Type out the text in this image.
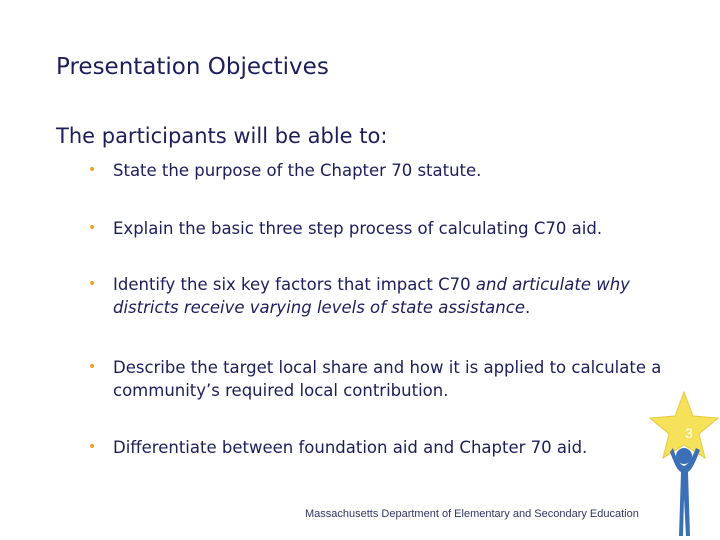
Presentation Objectives
The participants will be able to:
• State the purpose of the Chapter 70 statute.
• Explain the basic three step process of calculating C70 aid.
• Identify the six key factors that impact C70 and articulate why districts receive varying levels of state assistance.
• Describe the target local share and how it is applied to calculate a community’s required local contribution.
• Differentiate between foundation aid and Chapter 70 aid.
3
Massachusetts Department of Elementary and Secondary Education
